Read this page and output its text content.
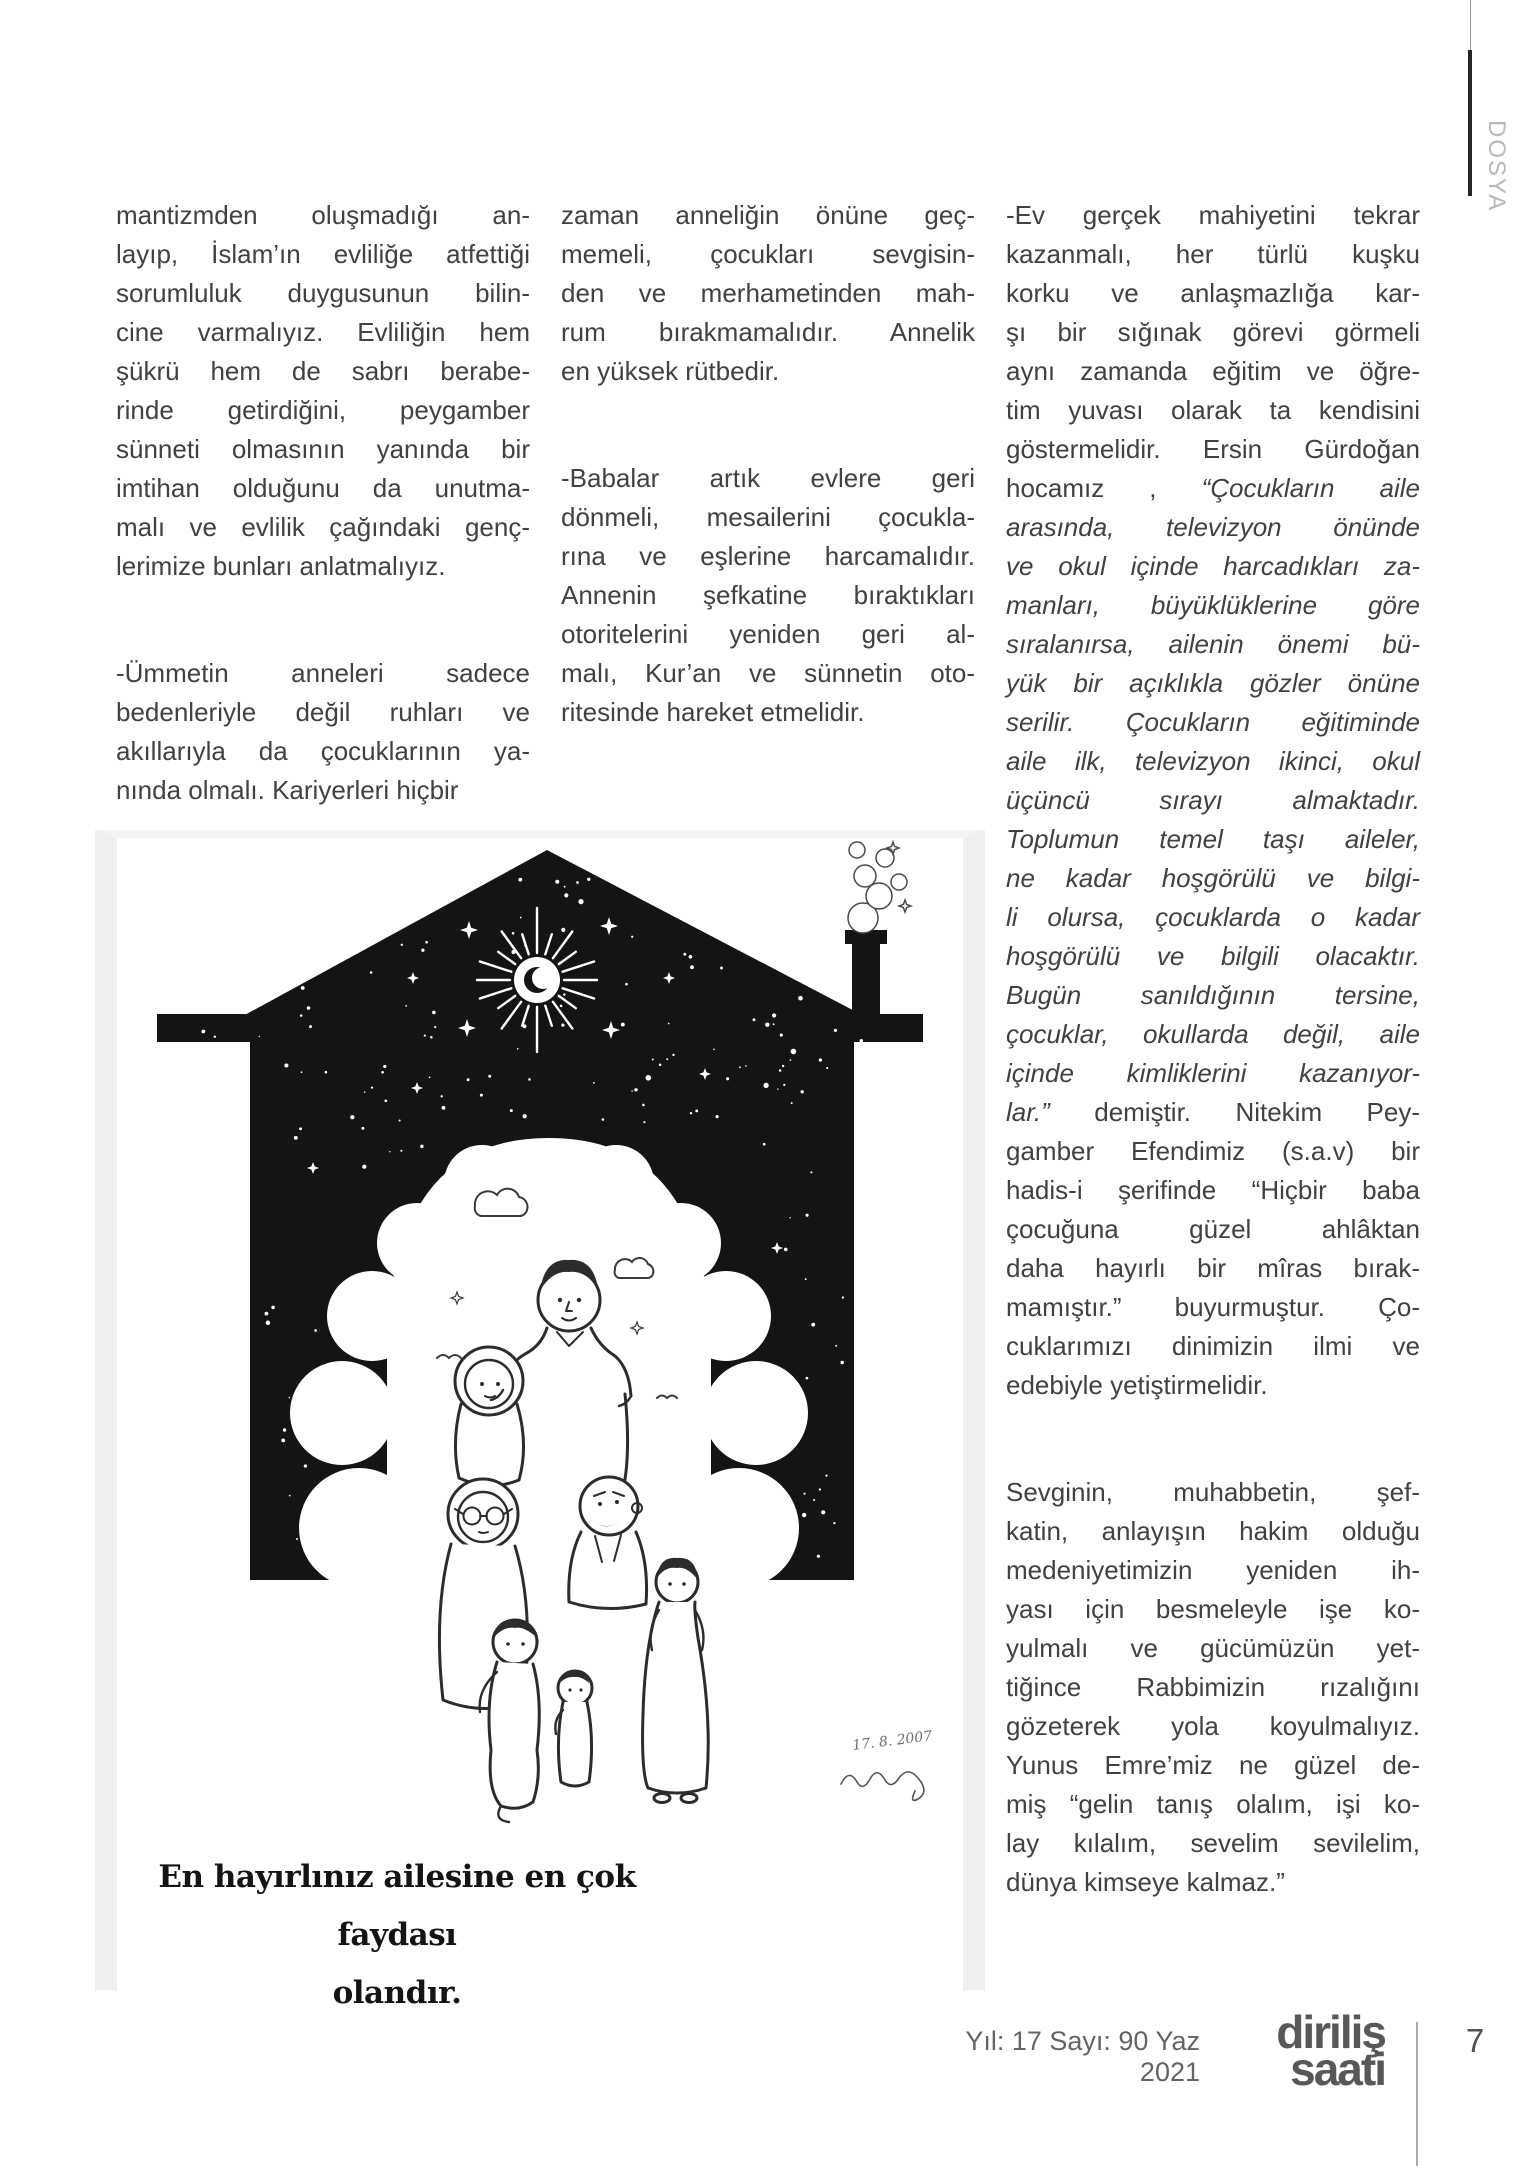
DOSYA
mantizmden oluşmadığı an-
layıp, İslam’ın evliliğe atfettiği
sorumluluk duygusunun bilin-
cine varmalıyız. Evliliğin hem
şükrü hem de sabrı berabe-
rinde getirdiğini, peygamber
sünneti olmasının yanında bir
imtihan olduğunu da unutma-
malı ve evlilik çağındaki genç-
lerimize bunları anlatmalıyız.
-Ümmetin anneleri sadece
bedenleriyle değil ruhları ve
akıllarıyla da çocuklarının ya-
nında olmalı. Kariyerleri hiçbir
zaman anneliğin önüne geç-
memeli, çocukları sevgisin-
den ve merhametinden mah-
rum bırakmamalıdır. Annelik
en yüksek rütbedir.
-Babalar artık evlere geri
dönmeli, mesailerini çocukla-
rına ve eşlerine harcamalıdır.
Annenin şefkatine bıraktıkları
otoritelerini yeniden geri al-
malı, Kur’an ve sünnetin oto-
ritesinde hareket etmelidir.
-Ev gerçek mahiyetini tekrar
kazanmalı, her türlü kuşku
korku ve anlaşmazlığa kar-
şı bir sığınak görevi görmeli
aynı zamanda eğitim ve öğre-
tim yuvası olarak ta kendisini
göstermelidir. Ersin Gürdoğan
hocamız , “Çocukların aile
arasında, televizyon önünde
ve okul içinde harcadıkları za-
manları, büyüklüklerine göre
sıralanırsa, ailenin önemi bü-
yük bir açıklıkla gözler önüne
serilir. Çocukların eğitiminde
aile ilk, televizyon ikinci, okul
üçüncü sırayı almaktadır.
Toplumun temel taşı aileler,
ne kadar hoşgörülü ve bilgi-
li olursa, çocuklarda o kadar
hoşgörülü ve bilgili olacaktır.
Bugün sanıldığının tersine,
çocuklar, okullarda değil, aile
içinde kimliklerini kazanıyor-
lar.” demiştir. Nitekim Pey-
gamber Efendimiz (s.a.v) bir
hadis-i şerifinde “Hiçbir baba
çocuğuna güzel ahlâktan
daha hayırlı bir mîras bırak-
mamıştır.” buyurmuştur. Ço-
cuklarımızı dinimizin ilmi ve
edebiyle yetiştirmelidir.
Sevginin, muhabbetin, şef-
katin, anlayışın hakim olduğu
medeniyetimizin yeniden ih-
yası için besmeleyle işe ko-
yulmalı ve gücümüzün yet-
tiğince Rabbimizin rızalığını
gözeterek yola koyulmalıyız.
Yunus Emre’miz ne güzel de-
miş “gelin tanış olalım, işi ko-
lay kılalım, sevelim sevilelim,
dünya kimseye kalmaz.”
17. 8. 2007
En hayırlınız ailesine en çok faydası
olandır.
Yıl: 17 Sayı: 90 Yaz 2021
diriliş
saati
7
